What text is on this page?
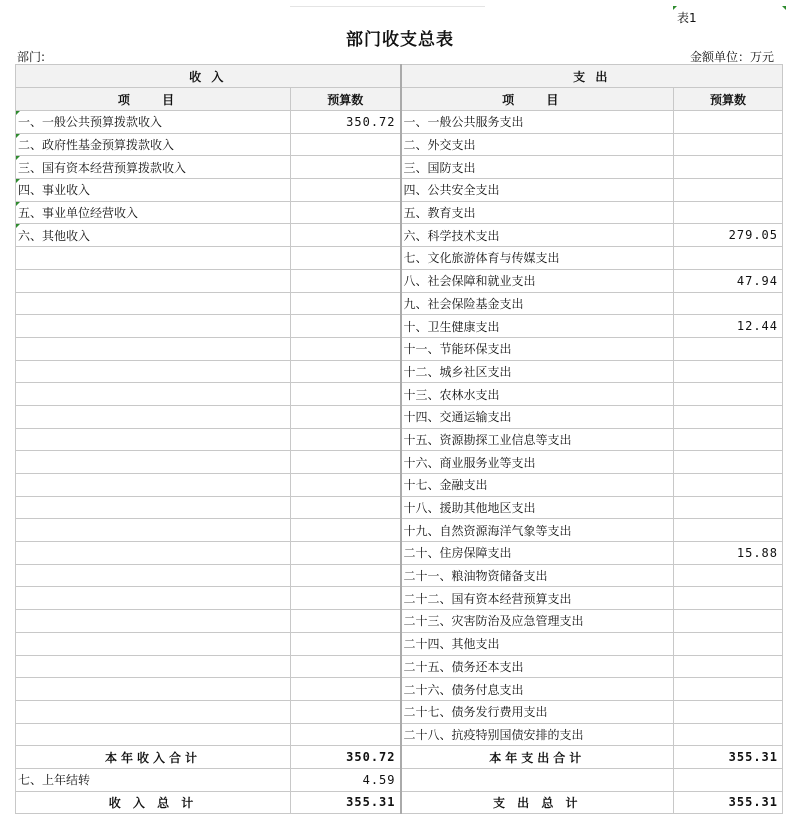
表1
部门收支总表
部门:	金额单位：万元
收 入		支 出	
项 目	预算数	项 目	预算数

一、一般公共预算拨款收入	350.72	一、一般公共服务支出	

二、政府性基金预算拨款收入		二、外交支出	

三、国有资本经营预算拨款收入		三、国防支出	

四、事业收入		四、公共安全支出	

五、事业单位经营收入		五、教育支出	

六、其他收入		六、科学技术支出	279.05
		七、文化旅游体育与传媒支出	
		八、社会保障和就业支出	47.94
		九、社会保险基金支出	
		十、卫生健康支出	12.44
		十一、节能环保支出	
		十二、城乡社区支出	
		十三、农林水支出	
		十四、交通运输支出	
		十五、资源勘探工业信息等支出	
		十六、商业服务业等支出	
		十七、金融支出	
		十八、援助其他地区支出	
		十九、自然资源海洋气象等支出	
		二十、住房保障支出	15.88
		二十一、粮油物资储备支出	
		二十二、国有资本经营预算支出	
		二十三、灾害防治及应急管理支出	
		二十四、其他支出	
		二十五、债务还本支出	
		二十六、债务付息支出	
		二十七、债务发行费用支出	
		二十八、抗疫特别国债安排的支出	
本年收入合计	350.72	本年支出合计	355.31
七、上年结转	4.59		
收 入 总 计	355.31	支 出 总 计	355.31
